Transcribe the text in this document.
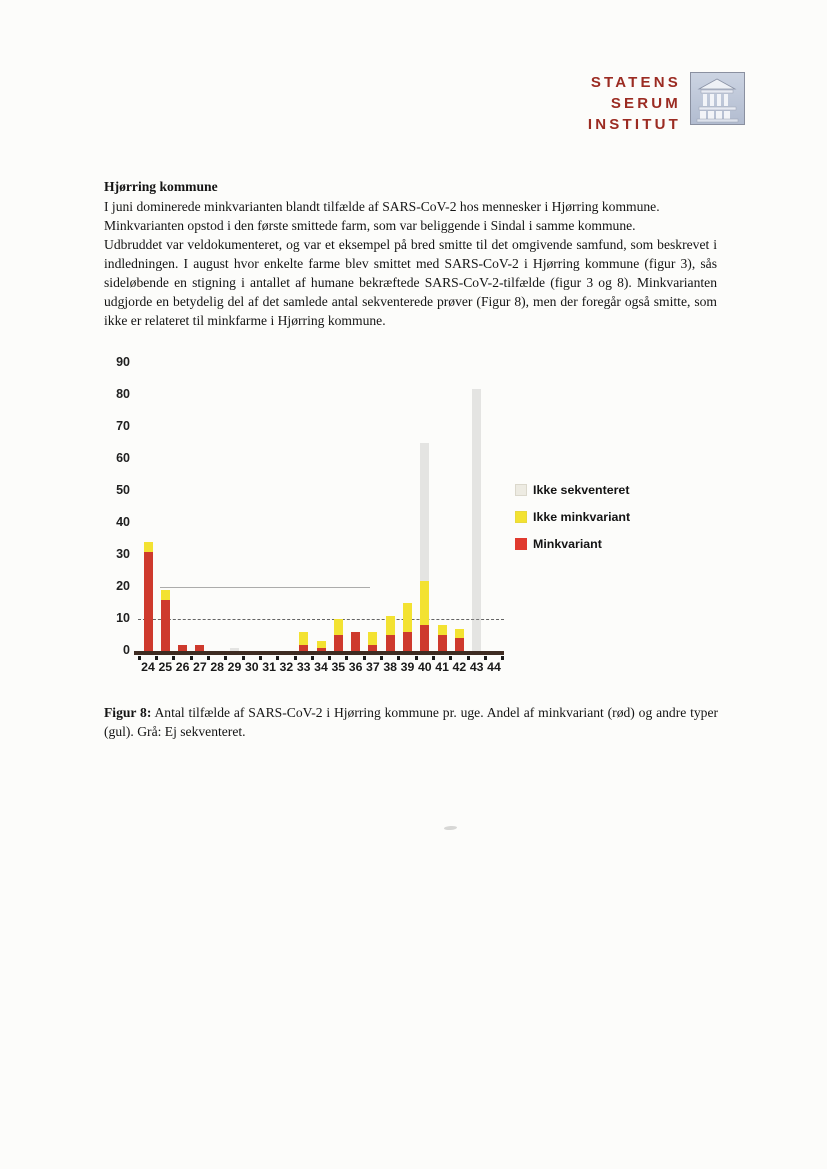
STATENS
SERUM
INSTITUT
Hjørring kommune

I juni dominerede minkvarianten blandt tilfælde af SARS-CoV-2 hos mennesker i Hjørring kommune.

Minkvarianten opstod i den første smittede farm, som var beliggende i Sindal i samme kommune.

Udbruddet var veldokumenteret, og var et eksempel på bred smitte til det omgivende samfund, som beskrevet i indledningen. I august hvor enkelte farme blev smittet med SARS-CoV-2 i Hjørring kommune (figur 3), sås sideløbende en stigning i antallet af humane bekræftede SARS-CoV-2-tilfælde (figur 3 og 8). Minkvarianten udgjorde en betydelig del af det samlede antal sekventerede prøver (Figur 8), men der foregår også smitte, som ikke er relateret til minkfarme i Hjørring kommune.

Ikke sekventeret
Ikke minkvariant
Minkvariant
0
10
20
30
40
50
60
70
80
90
24 25 26 27 28 29 30 31 32 33 34 35 36 37 38 39 40 41 42 43 44

Figur 8: Antal tilfælde af SARS-CoV-2 i Hjørring kommune pr. uge. Andel af minkvariant (rød) og andre typer (gul). Grå: Ej sekventeret.
